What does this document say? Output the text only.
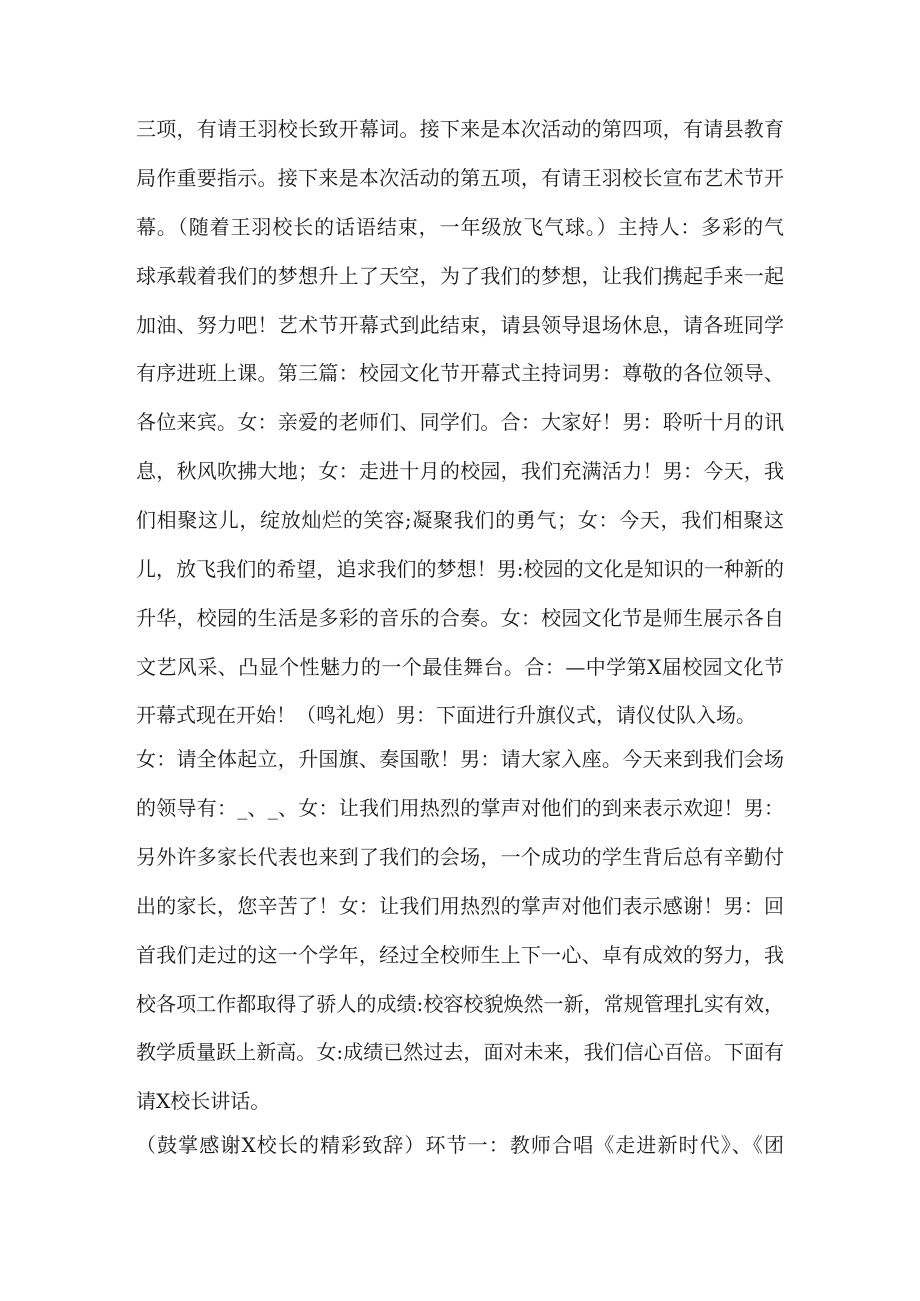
三项，有请王羽校长致开幕词。接下来是本次活动的第四项，有请县教育
局作重要指示。接下来是本次活动的第五项，有请王羽校长宣布艺术节开
幕。（随着王羽校长的话语结束，一年级放飞气球。）主持人：多彩的气
球承载着我们的梦想升上了天空，为了我们的梦想，让我们携起手来一起
加油、努力吧！艺术节开幕式到此结束，请县领导退场休息，请各班同学
有序进班上课。第三篇：校园文化节开幕式主持词男：尊敬的各位领导、
各位来宾。女：亲爱的老师们、同学们。合：大家好！男：聆听十月的讯
息，秋风吹拂大地；女：走进十月的校园，我们充满活力！男：今天，我
们相聚这儿，绽放灿烂的笑容;凝聚我们的勇气；女：今天，我们相聚这
儿，放飞我们的希望，追求我们的梦想！男:校园的文化是知识的一种新的
升华，校园的生活是多彩的音乐的合奏。女：校园文化节是师生展示各自
文艺风采、凸显个性魅力的一个最佳舞台。合：—中学第X届校园文化节
开幕式现在开始！（鸣礼炮）男：下面进行升旗仪式，请仪仗队入场。
女：请全体起立，升国旗、奏国歌！男：请大家入座。今天来到我们会场
的领导有：_、_、女：让我们用热烈的掌声对他们的到来表示欢迎！男：
另外许多家长代表也来到了我们的会场，一个成功的学生背后总有辛勤付
出的家长，您辛苦了！女：让我们用热烈的掌声对他们表示感谢！男：回
首我们走过的这一个学年，经过全校师生上下一心、卓有成效的努力，我
校各项工作都取得了骄人的成绩:校容校貌焕然一新，常规管理扎实有效，
教学质量跃上新高。女:成绩已然过去，面对未来，我们信心百倍。下面有
请X校长讲话。
（鼓掌感谢X校长的精彩致辞）环节一：教师合唱《走进新时代》、《团
